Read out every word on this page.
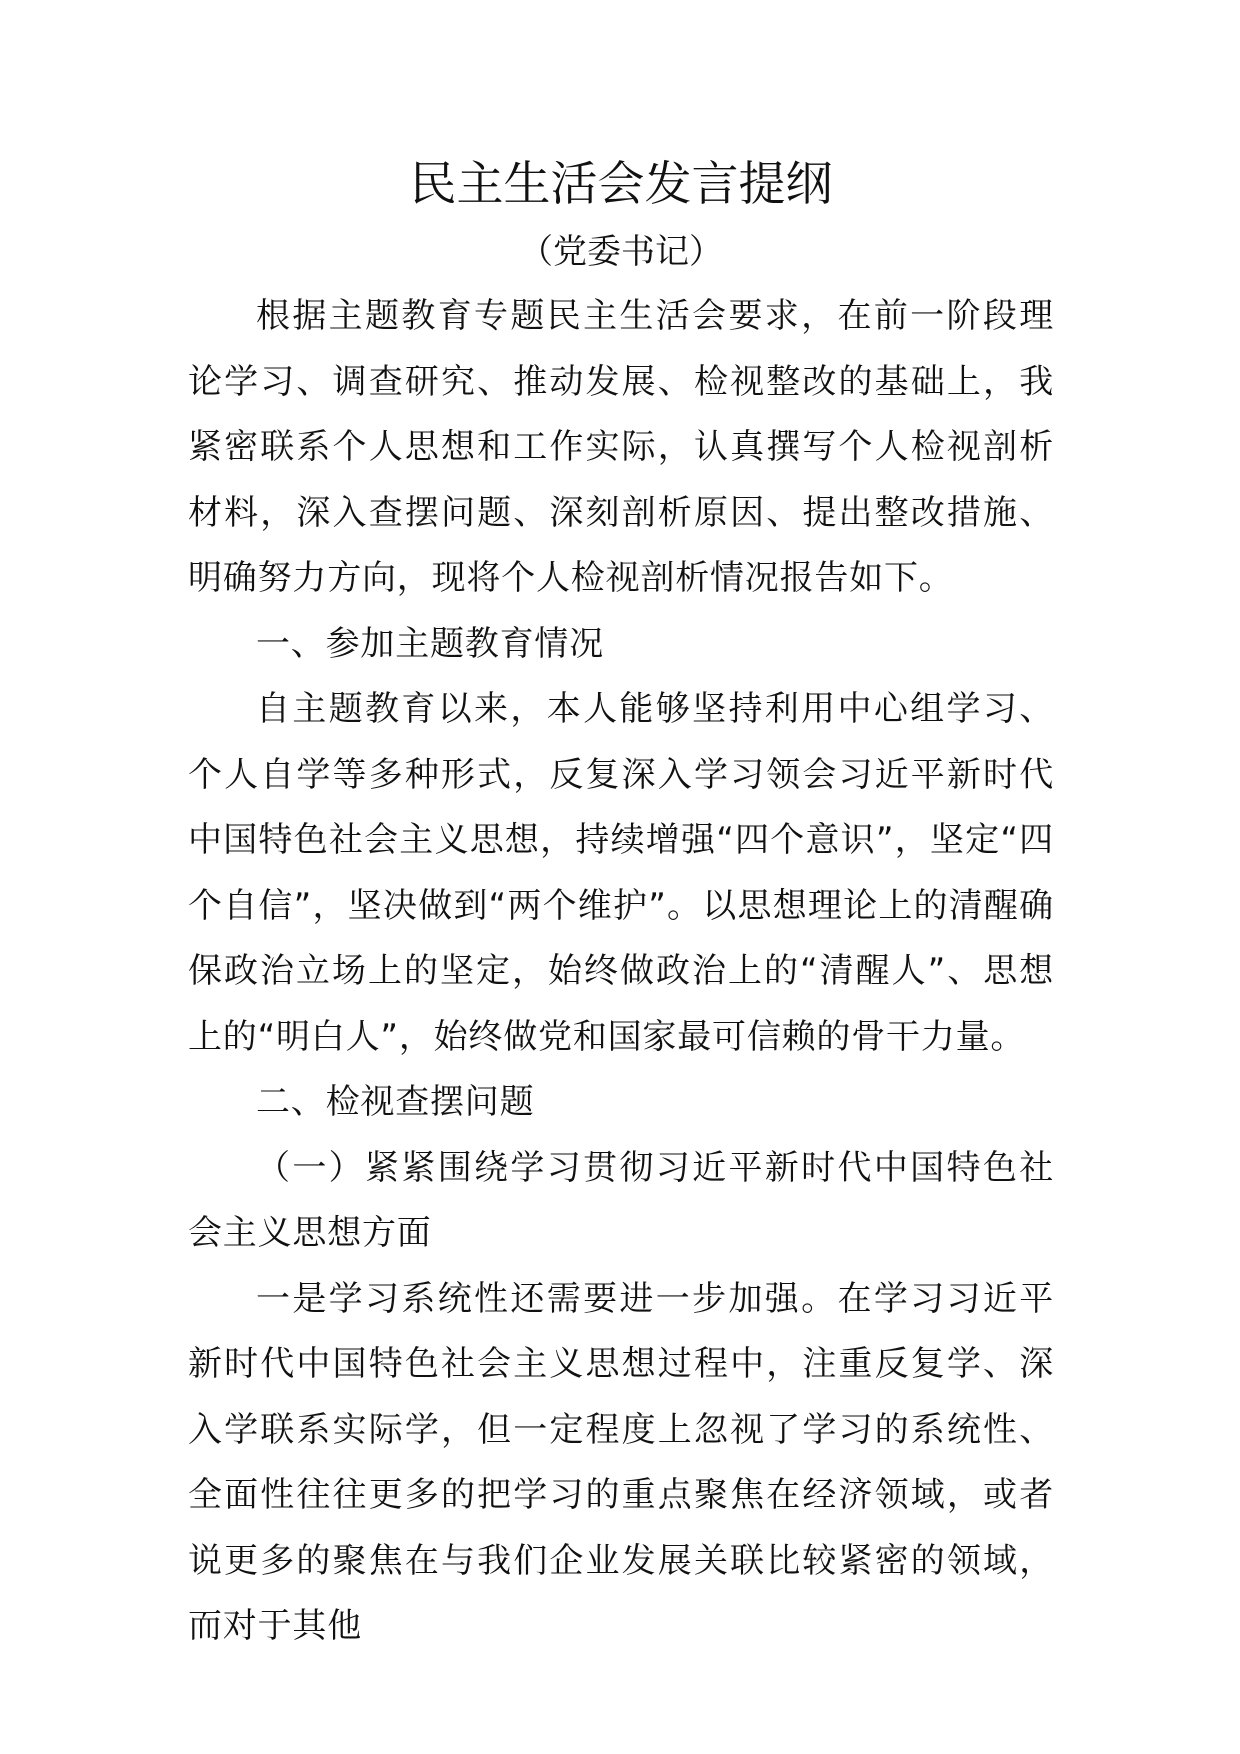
民主生活会发言提纲

（党委书记）

根据主题教育专题民主生活会要求，在前一阶段理论学习、调查研究、推动发展、检视整改的基础上，我紧密联系个人思想和工作实际，认真撰写个人检视剖析材料，深入查摆问题、深刻剖析原因、提出整改措施、明确努力方向，现将个人检视剖析情况报告如下。

一、参加主题教育情况

自主题教育以来，本人能够坚持利用中心组学习、个人自学等多种形式，反复深入学习领会习近平新时代中国特色社会主义思想，持续增强“四个意识”，坚定“四个自信”，坚决做到“两个维护”。以思想理论上的清醒确保政治立场上的坚定，始终做政治上的“清醒人”、思想上的“明白人”，始终做党和国家最可信赖的骨干力量。

二、检视查摆问题

（一）紧紧围绕学习贯彻习近平新时代中国特色社会主义思想方面

一是学习系统性还需要进一步加强。在学习习近平新时代中国特色社会主义思想过程中，注重反复学、深入学联系实际学，但一定程度上忽视了学习的系统性、全面性往往更多的把学习的重点聚焦在经济领域，或者说更多的聚焦在与我们企业发展关联比较紧密的领域，而对于其他
